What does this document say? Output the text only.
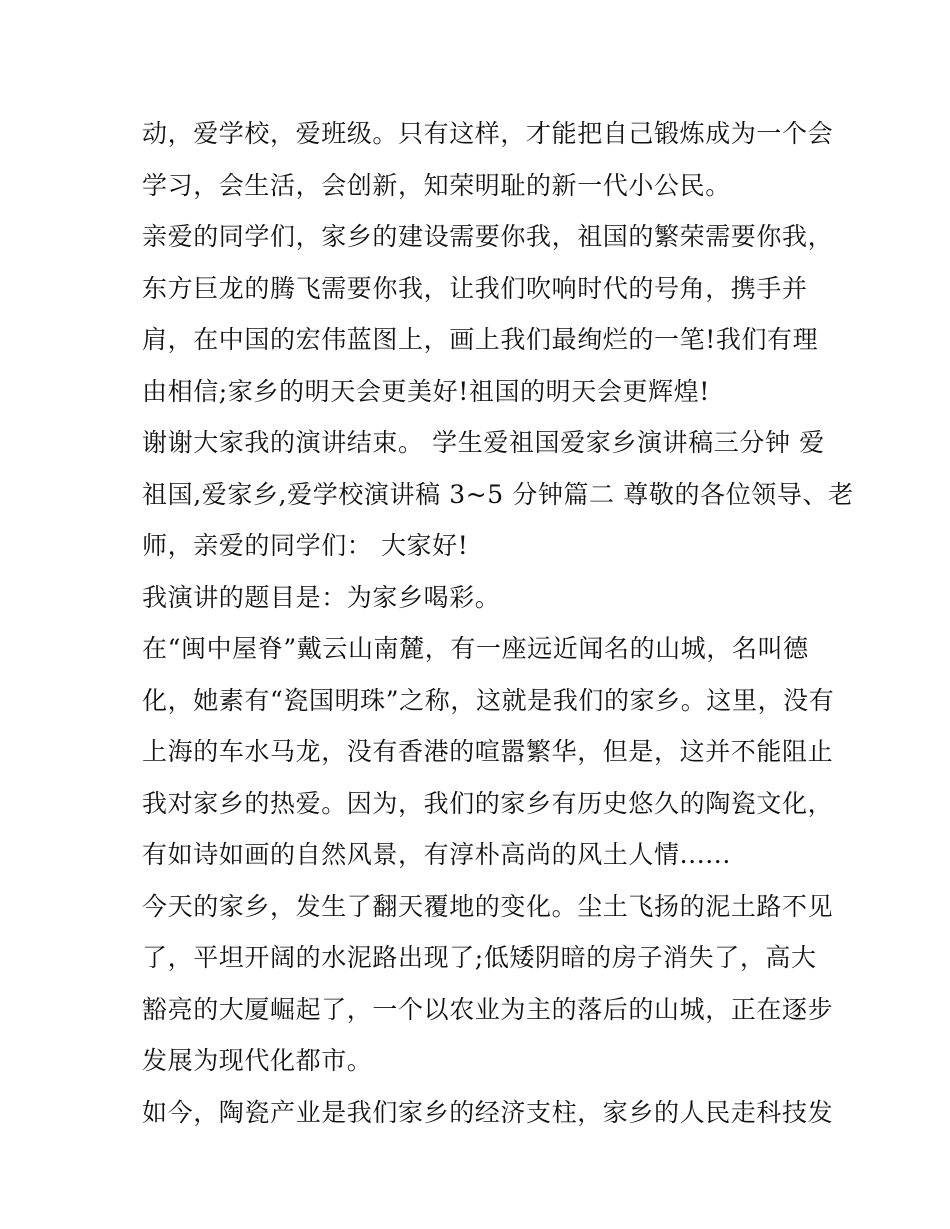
动，爱学校，爱班级。只有这样，才能把自己锻炼成为一个会
学习，会生活，会创新，知荣明耻的新一代小公民。
亲爱的同学们，家乡的建设需要你我，祖国的繁荣需要你我，
东方巨龙的腾飞需要你我，让我们吹响时代的号角，携手并
肩，在中国的宏伟蓝图上，画上我们最绚烂的一笔!我们有理
由相信;家乡的明天会更美好!祖国的明天会更辉煌!
谢谢大家我的演讲结束。 学生爱祖国爱家乡演讲稿三分钟 爱
祖国,爱家乡,爱学校演讲稿 3~5 分钟篇二 尊敬的各位领导、老
师，亲爱的同学们： 大家好!
我演讲的题目是：为家乡喝彩。
在“闽中屋脊”戴云山南麓，有一座远近闻名的山城，名叫德
化，她素有“瓷国明珠”之称，这就是我们的家乡。这里，没有
上海的车水马龙，没有香港的喧嚣繁华，但是，这并不能阻止
我对家乡的热爱。因为，我们的家乡有历史悠久的陶瓷文化，
有如诗如画的自然风景，有淳朴高尚的风土人情......
今天的家乡，发生了翻天覆地的变化。尘土飞扬的泥土路不见
了，平坦开阔的水泥路出现了;低矮阴暗的房子消失了，高大
豁亮的大厦崛起了，一个以农业为主的落后的山城，正在逐步
发展为现代化都市。
如今，陶瓷产业是我们家乡的经济支柱，家乡的人民走科技发
